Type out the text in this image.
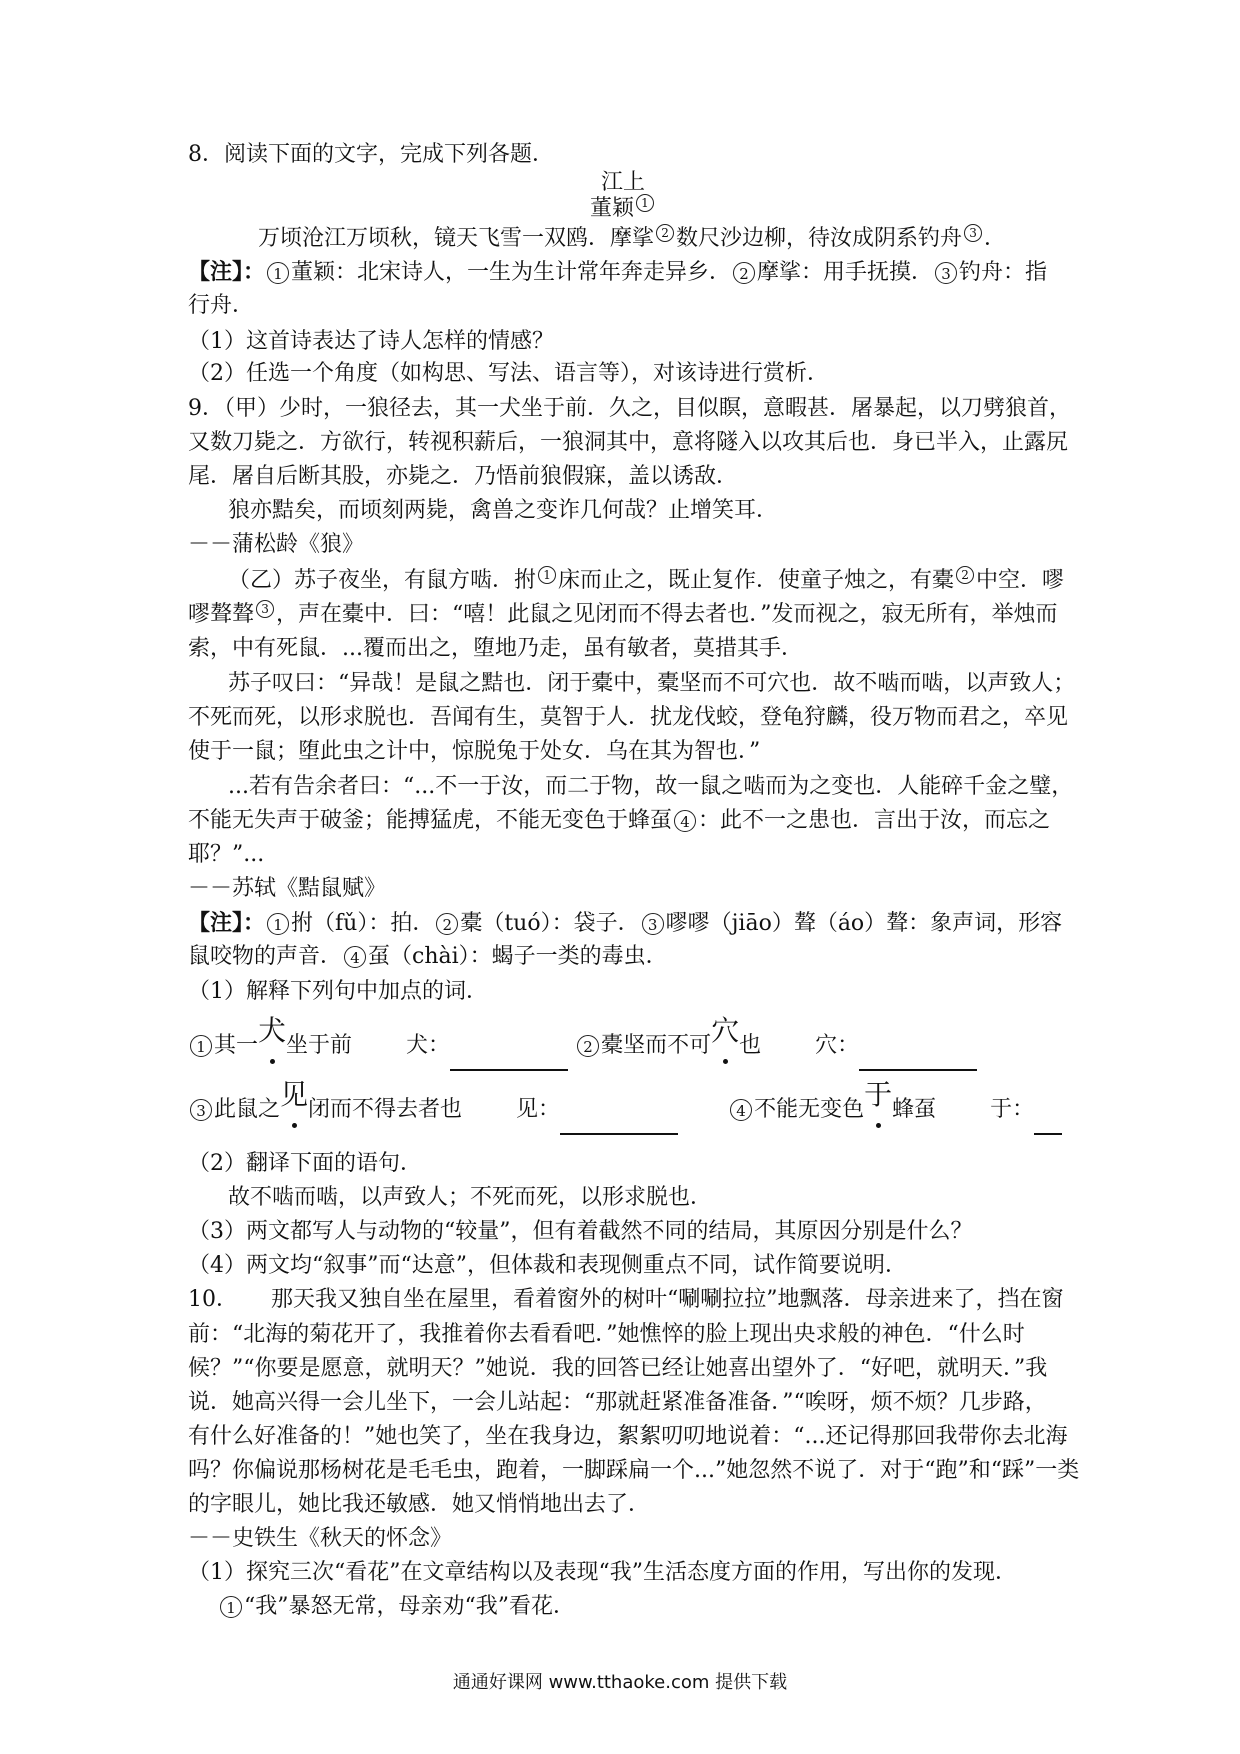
8．阅读下面的文字，完成下列各题．
江上
董颖 $^1$
万顷沧江万顷秋，镜天飞雪一双鸥．摩挲 $^2$ 数尺沙边柳，待汝成阴系钓舟 $^3$ ．
【注】： 1 董颖：北宋诗人，一生为生计常年奔走异乡． 2 摩挲：用手抚摸． 3 钓舟：指
行舟．
（1）这首诗表达了诗人怎样的情感？
（2）任选一个角度（如构思、写法、语言等），对该诗进行赏析．
9．（甲）少时，一狼径去，其一犬坐于前．久之，目似瞑，意暇甚．屠暴起，以刀劈狼首，
又数刀毙之．方欲行，转视积薪后，一狼洞其中，意将隧入以攻其后也．身已半入，止露尻
尾．屠自后断其股，亦毙之．乃悟前狼假寐，盖以诱敌．
狼亦黠矣，而顷刻两毙，禽兽之变诈几何哉？止增笑耳．
－－蒲松龄《狼》
（乙）苏子夜坐，有鼠方啮．拊 $^1$ 床而止之，既止复作．使童子烛之，有橐 $^2$ 中空．嘐
嘐聱聱 $^3$ ，声在橐中．曰：“嘻！此鼠之见闭而不得去者也．”发而视之，寂无所有，举烛而
索，中有死鼠．...覆而出之，堕地乃走，虽有敏者，莫措其手．
苏子叹曰：“异哉！是鼠之黠也．闭于橐中，橐坚而不可穴也．故不啮而啮，以声致人；
不死而死，以形求脱也．吾闻有生，莫智于人．扰龙伐蛟，登龟狩麟，役万物而君之，卒见
使于一鼠；堕此虫之计中，惊脱兔于处女．乌在其为智也．”
...若有告余者曰：“...不一于汝，而二于物，故一鼠之啮而为之变也．人能碎千金之璧，
不能无失声于破釜；能搏猛虎，不能无变色于蜂虿 4 ：此不一之患也．言出于汝，而忘之
耶？”...
－－苏轼《黠鼠赋》
【注】： 1 拊（fǔ）：拍． 2 橐（tuó）：袋子． 3 嘐嘐（jiāo）聱（áo）聱：象声词，形容
鼠咬物的声音． 4 虿（chài）：蝎子一类的毒虫．
（1）解释下列句中加点的词．
1 其一犬坐于前 犬：	2 橐坚而不可穴也 穴：
3 此鼠之见闭而不得去者也 见：	4 不能无变色于蜂虿 于：
（2）翻译下面的语句．
故不啮而啮，以声致人；不死而死，以形求脱也．
（3）两文都写人与动物的“较量”，但有着截然不同的结局，其原因分别是什么？
（4）两文均“叙事”而“达意”，但体裁和表现侧重点不同，试作简要说明．
10．　　那天我又独自坐在屋里，看着窗外的树叶“唰唰拉拉”地飘落．母亲进来了，挡在窗
前：“北海的菊花开了，我推着你去看看吧．”她憔悴的脸上现出央求般的神色．“什么时
候？”“你要是愿意，就明天？”她说．我的回答已经让她喜出望外了．“好吧，就明天．”我
说．她高兴得一会儿坐下，一会儿站起：“那就赶紧准备准备．”“唉呀，烦不烦？几步路，
有什么好准备的！”她也笑了，坐在我身边，絮絮叨叨地说着：“...还记得那回我带你去北海
吗？你偏说那杨树花是毛毛虫，跑着，一脚踩扁一个...”她忽然不说了．对于“跑”和“踩”一类
的字眼儿，她比我还敏感．她又悄悄地出去了．
－－史铁生《秋天的怀念》
（1）探究三次“看花”在文章结构以及表现“我”生活态度方面的作用，写出你的发现．
1 “我”暴怒无常，母亲劝“我”看花．
通通好课网 www.tthaoke.com 提供下载
